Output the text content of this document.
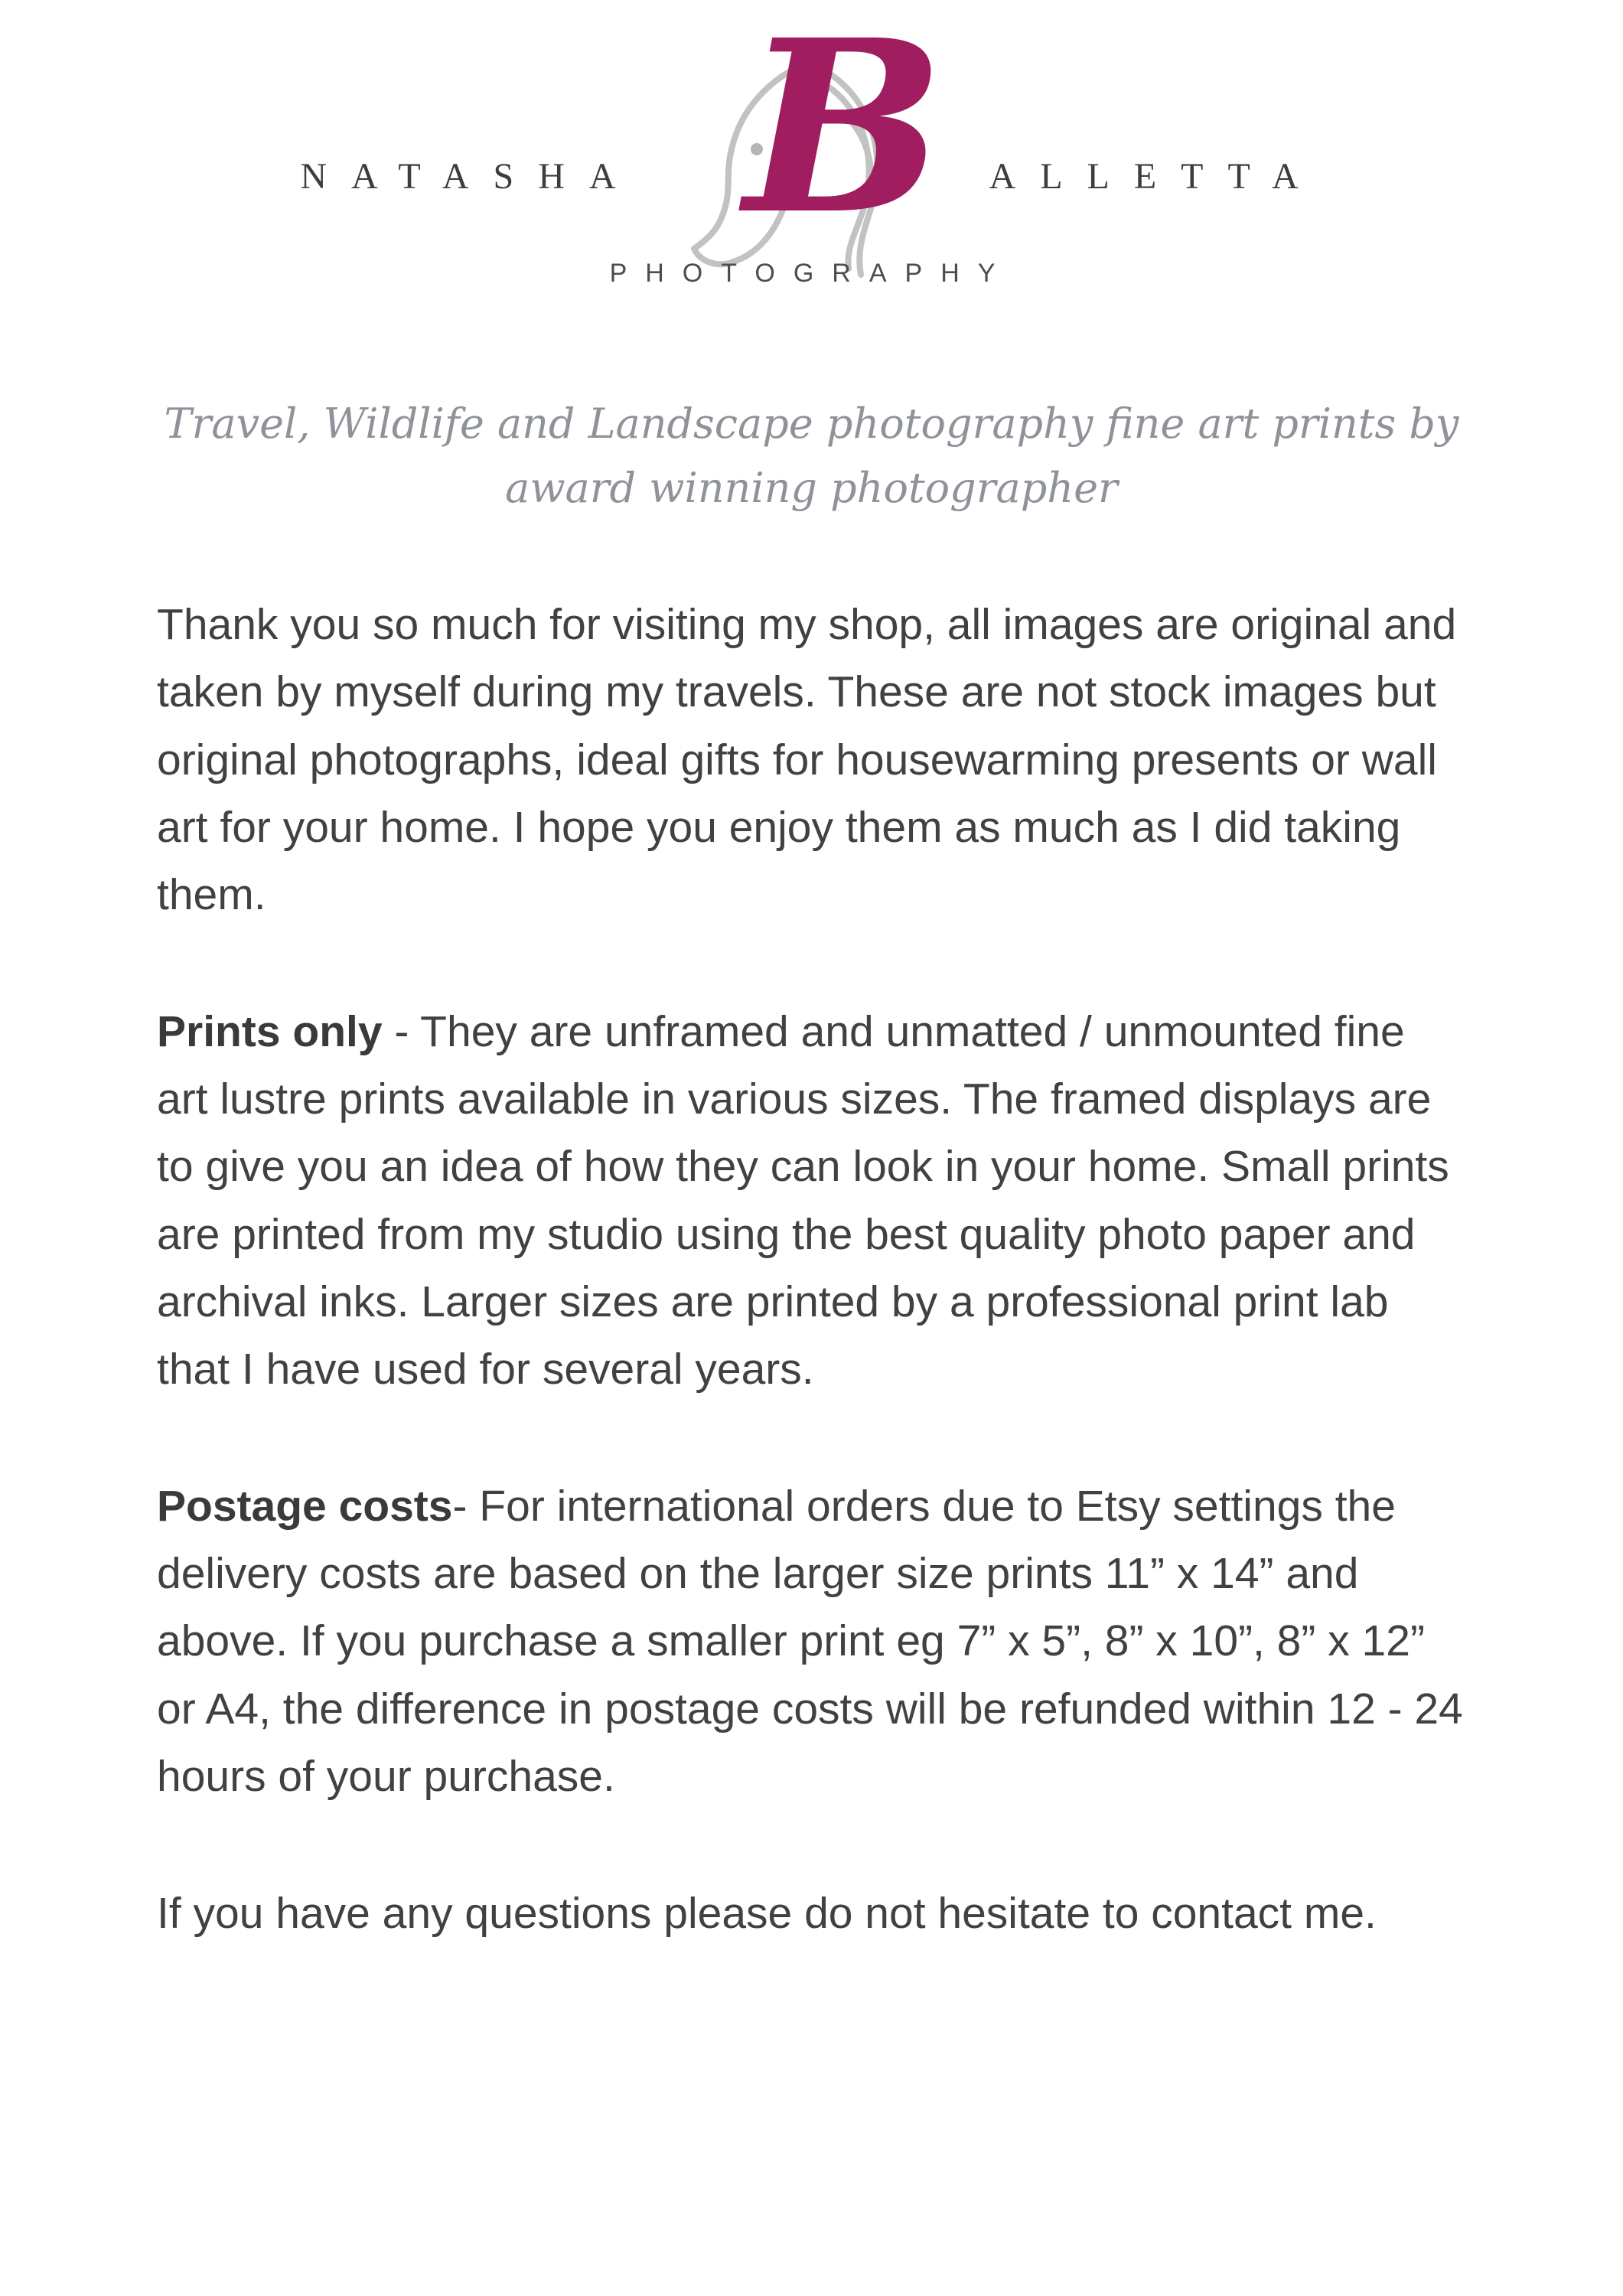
NATASHA B ALLETTA
PHOTOGRAPHY
Travel, Wildlife and Landscape photography fine art prints by award winning photographer

Thank you so much for visiting my shop, all images are original and taken by myself during my travels. These are not stock images but original photographs, ideal gifts for housewarming presents or wall art for your home. I hope you enjoy them as much as I did taking them.

Prints only - They are unframed and unmatted / unmounted fine art lustre prints available in various sizes. The framed displays are to give you an idea of how they can look in your home. Small prints are printed from my studio using the best quality photo paper and archival inks. Larger sizes are printed by a professional print lab that I have used for several years.

Postage costs- For international orders due to Etsy settings the delivery costs are based on the larger size prints 11” x 14” and above. If you purchase a smaller print eg 7” x 5”, 8” x 10”, 8” x 12” or A4, the difference in postage costs will be refunded within 12 - 24 hours of your purchase.

If you have any questions please do not hesitate to contact me.
